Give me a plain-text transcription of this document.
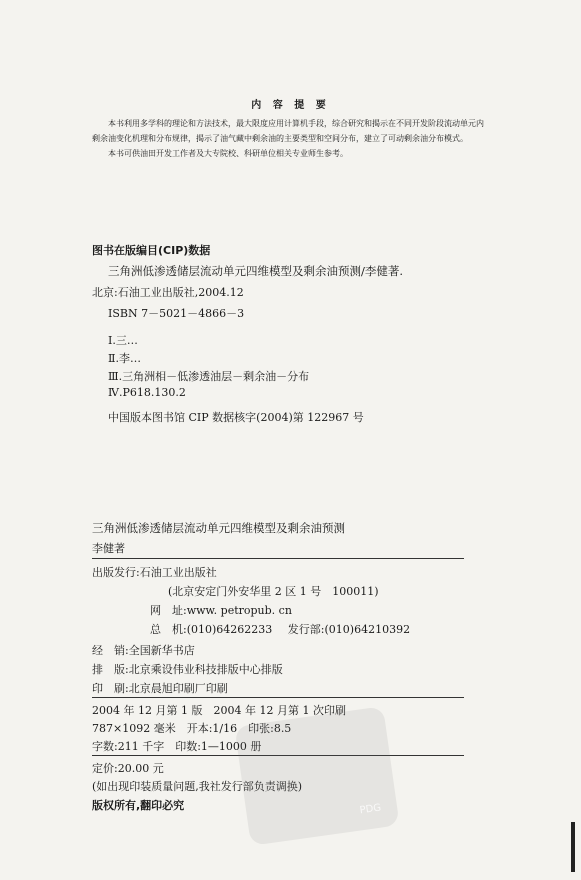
内 容 提 要

本书利用多学科的理论和方法技术，最大限度应用计算机手段，综合研究和揭示在不同开发阶段流动单元内剩余油变化机理和分布规律，揭示了油气藏中剩余油的主要类型和空间分布，建立了可动剩余油分布模式。

本书可供油田开发工作者及大专院校、科研单位相关专业师生参考。

图书在版编目(CIP)数据
三角洲低渗透储层流动单元四维模型及剩余油预测/李健著.
北京:石油工业出版社,2004.12
ISBN 7－5021－4866－3
Ⅰ.三…
Ⅱ.李…
Ⅲ.三角洲相－低渗透油层－剩余油－分布
Ⅳ.P618.130.2
中国版本图书馆 CIP 数据核字(2004)第 122967 号
三角洲低渗透储层流动单元四维模型及剩余油预测
李健著
出版发行:石油工业出版社
(北京安定门外安华里 2 区 1 号　100011)
网　址:www. petropub. cn
总　机:(010)64262233 发行部:(010)64210392
经　销:全国新华书店
排　版:北京乘设伟业科技排版中心排版
印　刷:北京晨旭印刷厂印刷
2004 年 12 月第 1 版　2004 年 12 月第 1 次印刷
787×1092 毫米　开本:1/16　印张:8.5
字数:211 千字　印数:1—1000 册
定价:20.00 元
(如出现印装质量问题,我社发行部负责调换)
版权所有,翻印必究	PDG
